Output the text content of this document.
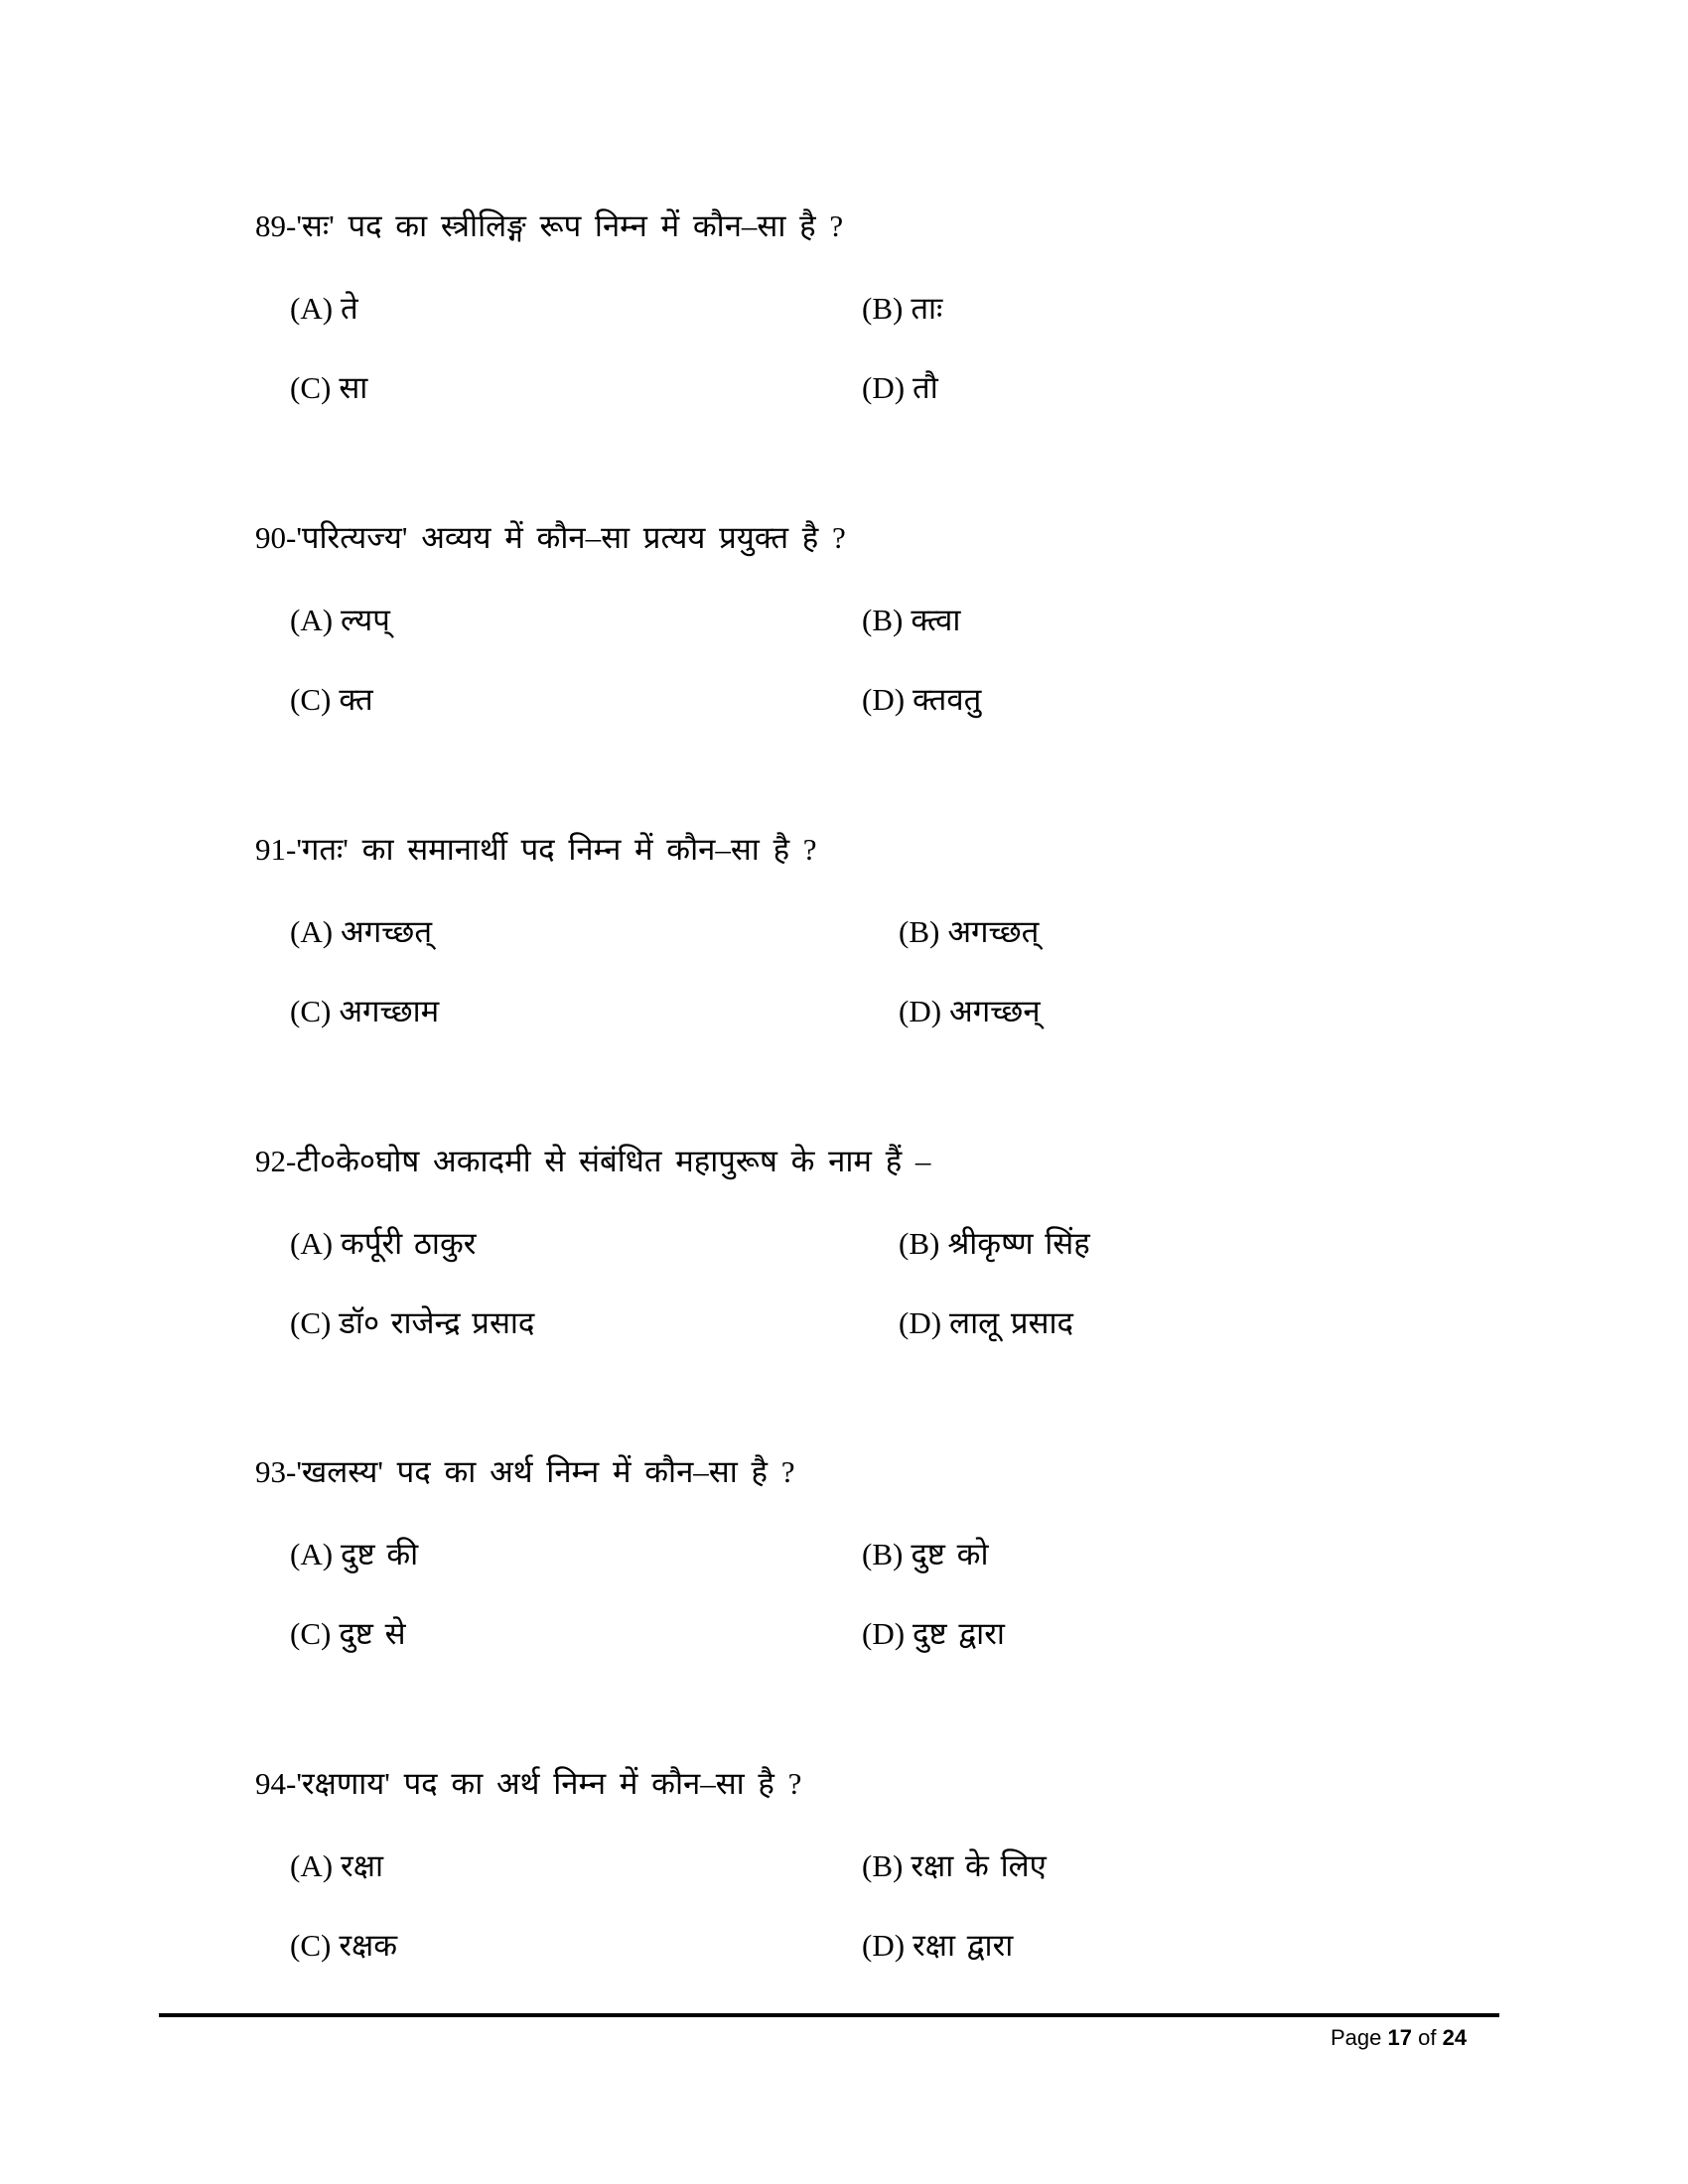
89-'सः' पद का स्त्रीलिङ्ग रूप निम्न में कौन–सा है ?
(A) ते	(B) ताः
(C) सा	(D) तौ
90-'परित्यज्य' अव्यय में कौन–सा प्रत्यय प्रयुक्त है ?
(A) ल्यप्	(B) क्त्वा
(C) क्त	(D) क्तवतु
91-'गतः' का समानार्थी पद निम्न में कौन–सा है ?
(A) अगच्छत्	(B) अगच्छत्
(C) अगच्छाम	(D) अगच्छन्
92-टी०के०घोष अकादमी से संबंधित महापुरूष के नाम हैं –
(A) कर्पूरी ठाकुर	(B) श्रीकृष्ण सिंह
(C) डॉ० राजेन्द्र प्रसाद	(D) लालू प्रसाद
93-'खलस्य' पद का अर्थ निम्न में कौन–सा है ?
(A) दुष्ट की	(B) दुष्ट को
(C) दुष्ट से	(D) दुष्ट द्वारा
94-'रक्षणाय' पद का अर्थ निम्न में कौन–सा है ?
(A) रक्षा	(B) रक्षा के लिए
(C) रक्षक	(D) रक्षा द्वारा
Page 17 of 24
